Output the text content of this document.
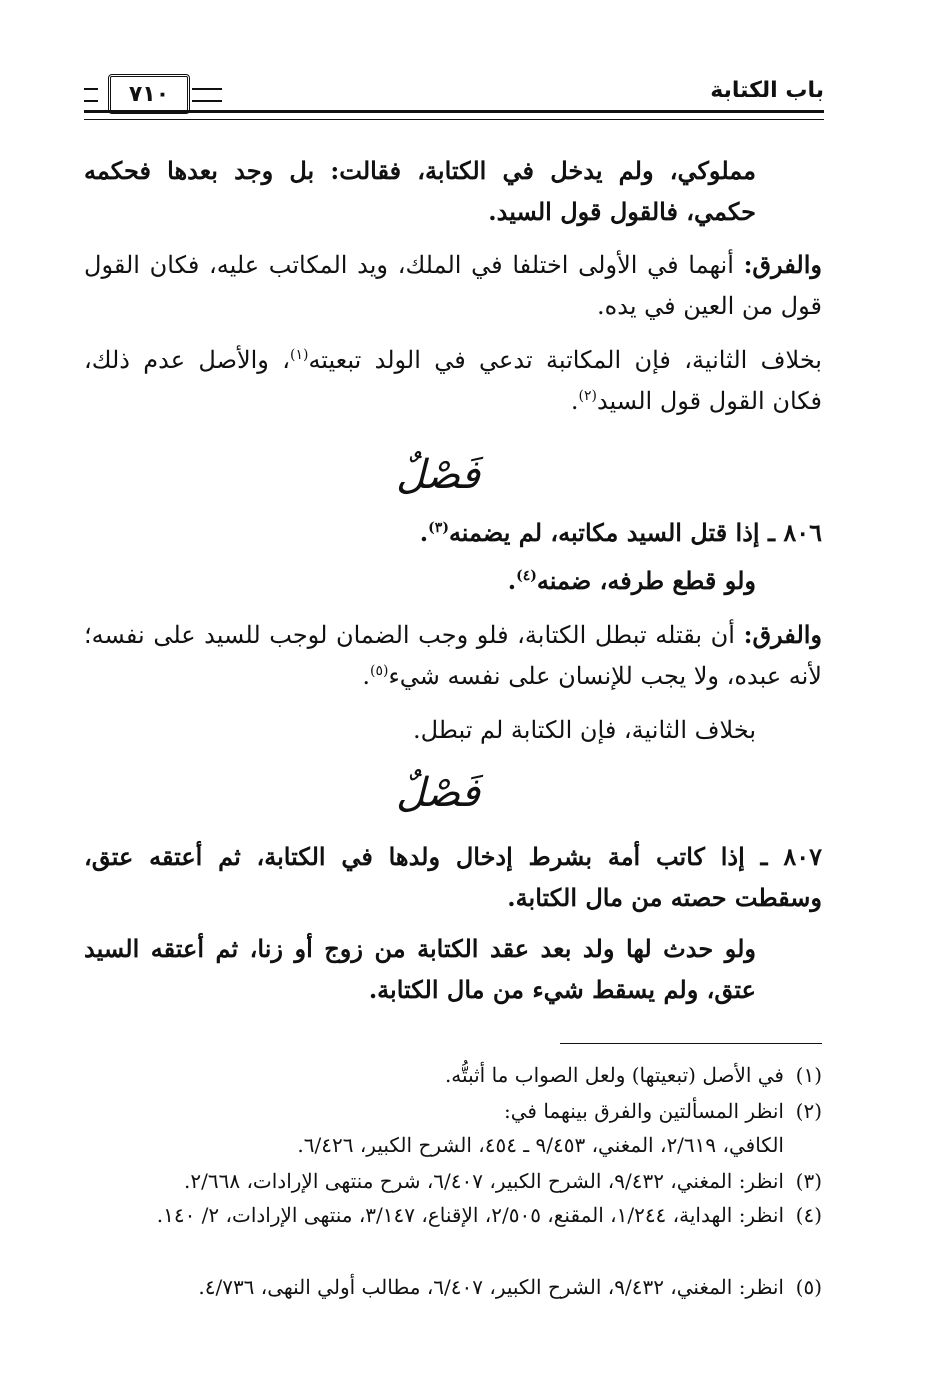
باب الكتابة
٧١٠
مملوكي، ولم يدخل في الكتابة، فقالت: بل وجد بعدها فحكمه حكمي، فالقول قول السيد.
والفرق: أنهما في الأولى اختلفا في الملك، ويد المكاتب عليه، فكان القول قول من العين في يده.
بخلاف الثانية، فإن المكاتبة تدعي في الولد تبعيته$^{(١)}$، والأصل عدم ذلك، فكان القول قول السيد$^{(٢)}$.
فَصْلٌ
٨٠٦ ـ إذا قتل السيد مكاتبه، لم يضمنه$^{(٣)}$.
ولو قطع طرفه، ضمنه$^{(٤)}$.
والفرق: أن بقتله تبطل الكتابة، فلو وجب الضمان لوجب للسيد على نفسه؛ لأنه عبده، ولا يجب للإنسان على نفسه شيء$^{(٥)}$.
بخلاف الثانية، فإن الكتابة لم تبطل.
فَصْلٌ
٨٠٧ ـ إذا كاتب أمة بشرط إدخال ولدها في الكتابة، ثم أعتقه عتق، وسقطت حصته من مال الكتابة.
ولو حدث لها ولد بعد عقد الكتابة من زوج أو زنا، ثم أعتقه السيد عتق، ولم يسقط شيء من مال الكتابة.
(١)في الأصل (تبعيتها) ولعل الصواب ما أثبتُّه.
(٢)انظر المسألتين والفرق بينهما في:
الكافي، ٢/٦١٩، المغني، ٩/٤٥٣ ـ ٤٥٤، الشرح الكبير، ٦/٤٢٦.
(٣)انظر: المغني، ٩/٤٣٢، الشرح الكبير، ٦/٤٠٧، شرح منتهى الإرادات، ٢/٦٦٨.
(٤)انظر: الهداية، ١/٢٤٤، المقنع، ٢/٥٠٥، الإقناع، ٣/١٤٧، منتهى الإرادات، ٢/ ١٤٠.
(٥)انظر: المغني، ٩/٤٣٢، الشرح الكبير، ٦/٤٠٧، مطالب أولي النهى، ٤/٧٣٦.
